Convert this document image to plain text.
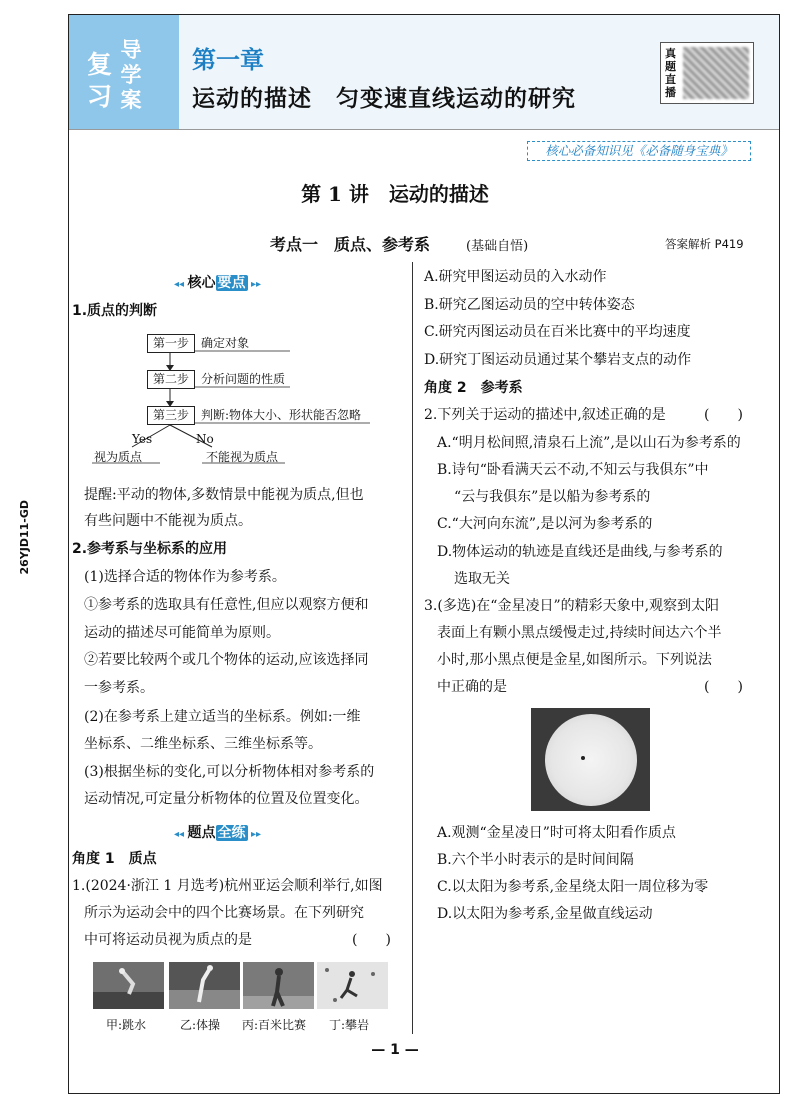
复
习
导
学
案
第一章
运动的描述　匀变速直线运动的研究
真题直播
核心必备知识见《必备随身宝典》
第 1 讲　运动的描述
考点一　质点、参考系	(基础自悟)	答案解析 P419
26YJD11-GD
◂◂ 核心 要点 ▸▸
1.质点的判断
第一步	确定对象
第二步	分析问题的性质
第三步	判断:物体大小、形状能否忽略
Yes	No
视为质点	不能视为质点
提醒:平动的物体,多数情景中能视为质点,但也
有些问题中不能视为质点。
2.参考系与坐标系的应用
(1)选择合适的物体作为参考系。
①参考系的选取具有任意性,但应以观察方便和
运动的描述尽可能简单为原则。
②若要比较两个或几个物体的运动,应该选择同
一参考系。
(2)在参考系上建立适当的坐标系。例如:一维
坐标系、二维坐标系、三维坐标系等。
(3)根据坐标的变化,可以分析物体相对参考系的
运动情况,可定量分析物体的位置及位置变化。
◂◂ 题点 全练 ▸▸
角度 1　质点
1.(2024·浙江 1 月选考)杭州亚运会顺利举行,如图
所示为运动会中的四个比赛场景。在下列研究
中可将运动员视为质点的是	(　　)
甲:跳水	乙:体操 丙:百米比赛 丁:攀岩
A.研究甲图运动员的入水动作
B.研究乙图运动员的空中转体姿态
C.研究丙图运动员在百米比赛中的平均速度
D.研究丁图运动员通过某个攀岩支点的动作
角度 2　参考系
2.下列关于运动的描述中,叙述正确的是	(　　)
A.“明月松间照,清泉石上流”,是以山石为参考系的
B.诗句“卧看满天云不动,不知云与我俱东”中
“云与我俱东”是以船为参考系的
C.“大河向东流”,是以河为参考系的
D.物体运动的轨迹是直线还是曲线,与参考系的
选取无关
3.(多选)在“金星凌日”的精彩天象中,观察到太阳
表面上有颗小黑点缓慢走过,持续时间达六个半
小时,那小黑点便是金星,如图所示。下列说法
中正确的是	(　　)
A.观测“金星凌日”时可将太阳看作质点
B.六个半小时表示的是时间间隔
C.以太阳为参考系,金星绕太阳一周位移为零
D.以太阳为参考系,金星做直线运动
— 1 —
